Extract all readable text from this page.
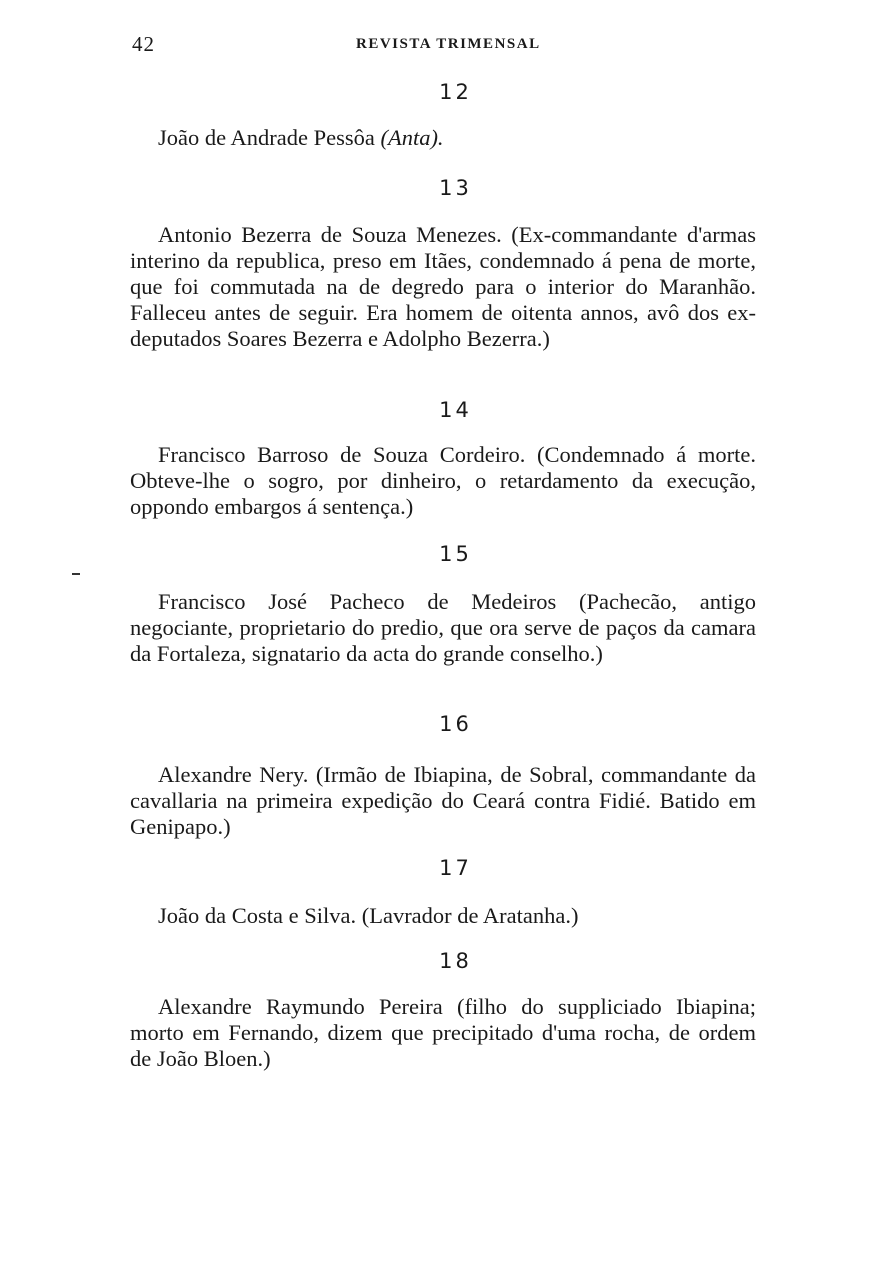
42	REVISTA TRIMENSAL
12

João de Andrade Pessôa (Anta).

13

Antonio Bezerra de Souza Menezes. (Ex-commandante d'armas interino da republica, preso em Itães, condemnado á pena de morte, que foi commutada na de degredo para o interior do Maranhão. Falleceu antes de seguir. Era homem de oitenta annos, avô dos ex-deputados Soares Bezerra e Adolpho Bezerra.)

14

Francisco Barroso de Souza Cordeiro. (Condemnado á morte. Obteve-lhe o sogro, por dinheiro, o retardamento da execução, oppondo embargos á sentença.)

15

Francisco José Pacheco de Medeiros (Pachecão, antigo negociante, proprietario do predio, que ora serve de paços da camara da Fortaleza, signatario da acta do grande conselho.)

16

Alexandre Nery. (Irmão de Ibiapina, de Sobral, commandante da cavallaria na primeira expedição do Ceará contra Fidié. Batido em Genipapo.)

17

João da Costa e Silva. (Lavrador de Aratanha.)

18

Alexandre Raymundo Pereira (filho do suppliciado Ibiapina; morto em Fernando, dizem que precipitado d'uma rocha, de ordem de João Bloen.)
